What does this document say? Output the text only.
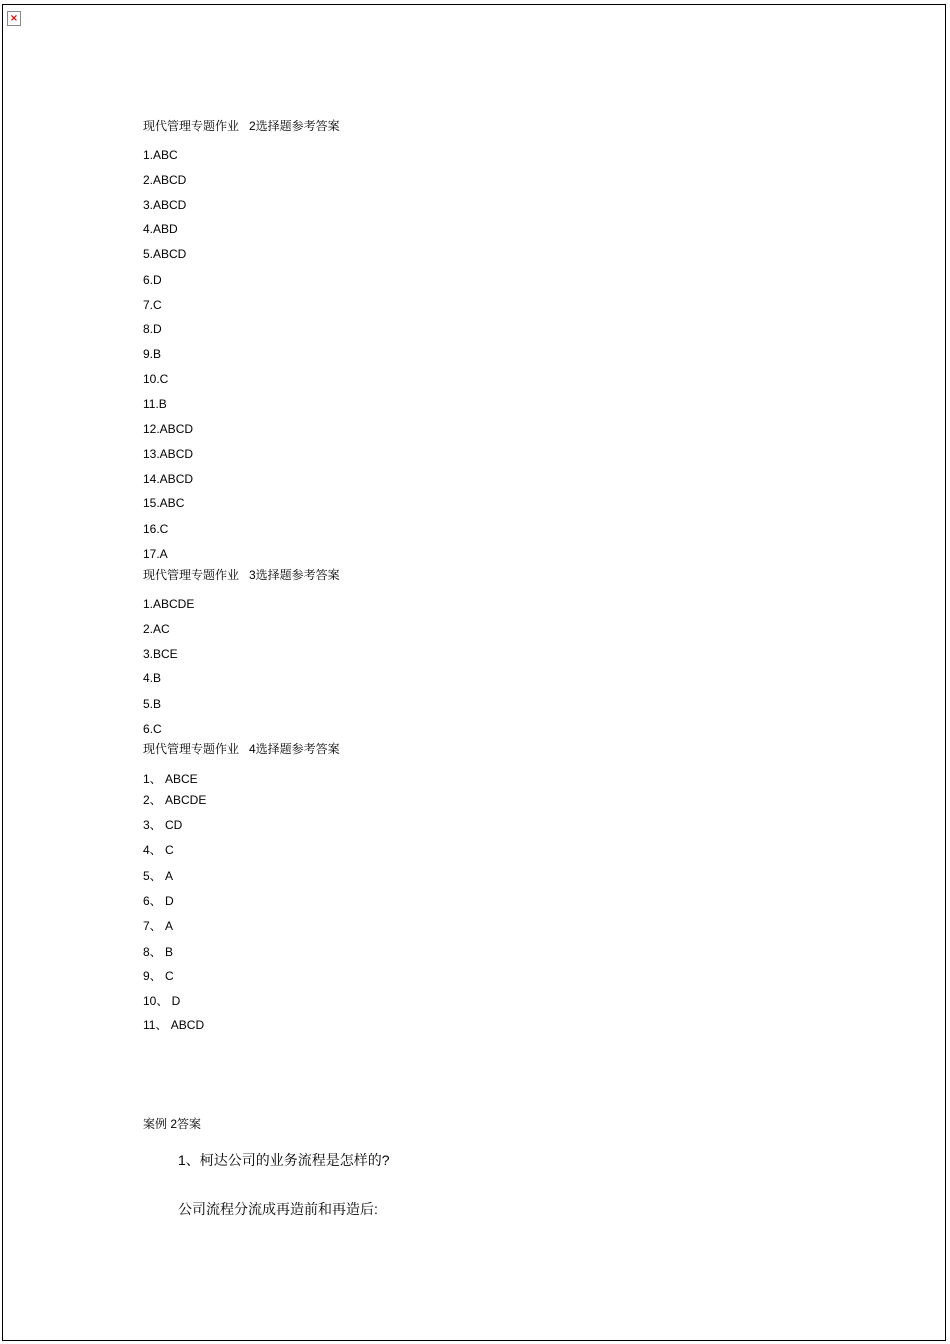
×
现代管理专题作业   2选择题参考答案
1.ABC
2.ABCD
3.ABCD
4.ABD
5.ABCD
6.D
7.C
8.D
9.B
10.C
11.B
12.ABCD
13.ABCD
14.ABCD
15.ABC
16.C
17.A
现代管理专题作业   3选择题参考答案
1.ABCDE
2.AC
3.BCE
4.B
5.B
6.C
现代管理专题作业   4选择题参考答案
1、 ABCE
2、 ABCDE
3、 CD
4、 C
5、 A
6、 D
7、 A
8、 B
9、 C
10、 D
11、 ABCD
案例 2答案
1、柯达公司的业务流程是怎样的?
公司流程分流成再造前和再造后:
